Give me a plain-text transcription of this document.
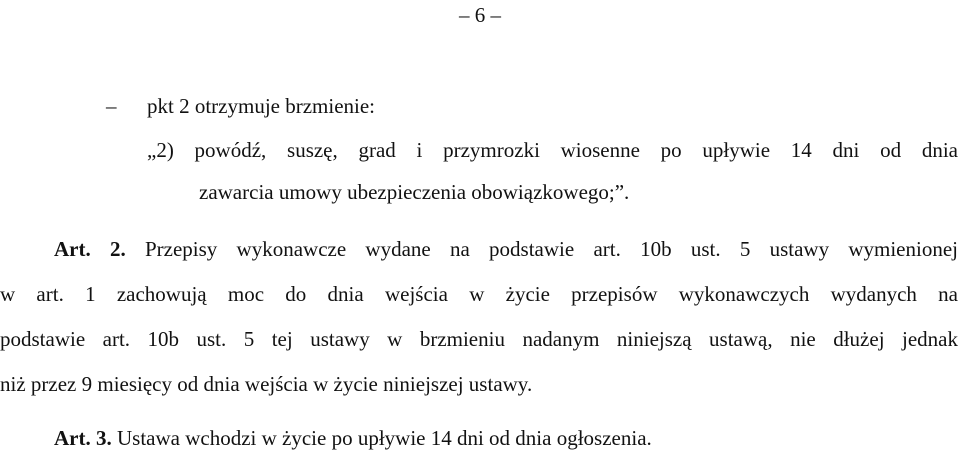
– 6 –
– pkt 2 otrzymuje brzmienie:
„2) powódź, suszę, grad i przymrozki wiosenne po upływie 14 dni od dnia
zawarcia umowy ubezpieczenia obowiązkowego;”.
Art. 2. Przepisy wykonawcze wydane na podstawie art. 10b ust. 5 ustawy wymienionej
w art. 1 zachowują moc do dnia wejścia w życie przepisów wykonawczych wydanych na
podstawie art. 10b ust. 5 tej ustawy w brzmieniu nadanym niniejszą ustawą, nie dłużej jednak
niż przez 9 miesięcy od dnia wejścia w życie niniejszej ustawy.
Art. 3. Ustawa wchodzi w życie po upływie 14 dni od dnia ogłoszenia.
